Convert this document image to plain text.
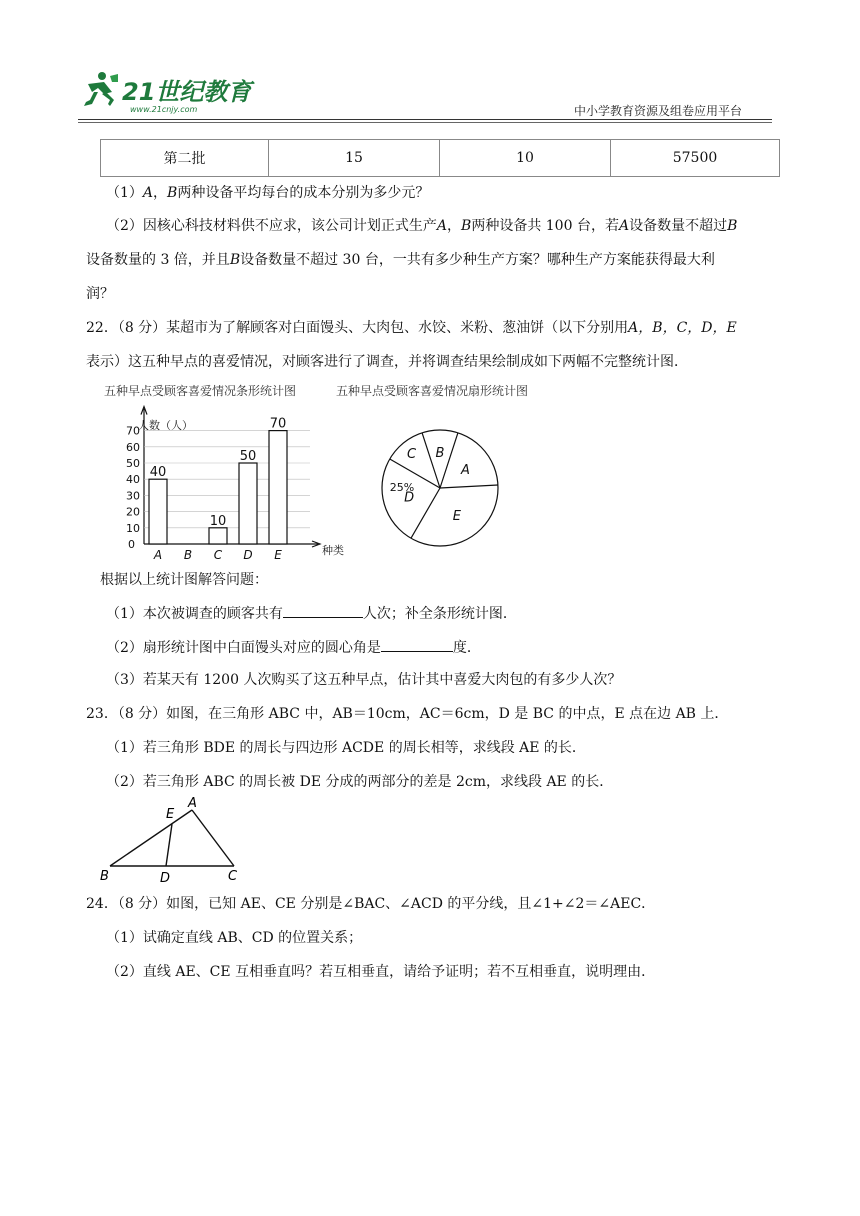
21世纪教育
www.21cnjy.com	中小学教育资源及组卷应用平台
第二批	15	10	57500
（1）A，B两种设备平均每台的成本分别为多少元？
（2）因核心科技材料供不应求，该公司计划正式生产A，B两种设备共 100 台，若A设备数量不超过B
设备数量的 3 倍，并且B设备数量不超过 30 台，一共有多少种生产方案？哪种生产方案能获得最大利
润？
22．（8 分）某超市为了解顾客对白面馒头、大肉包、水饺、米粉、葱油饼（以下分别用A，B，C，D，E
表示）这五种早点的喜爱情况，对顾客进行了调查，并将调查结果绘制成如下两幅不完整统计图．
五种早点受顾客喜爱情况条形统计图
人数（人）
种类
0
10
20
30
40
50
60
70
40
A B
10
C
50
D
70
E
五种早点受顾客喜爱情况扇形统计图
A
B
C
D
E
25%
根据以上统计图解答问题：
（1）本次被调查的顾客共有	人次；补全条形统计图．
（2）扇形统计图中白面馒头对应的圆心角是	度．
（3）若某天有 1200 人次购买了这五种早点，估计其中喜爱大肉包的有多少人次？
23．（8 分）如图，在三角形 ABC 中，AB＝10cm，AC＝6cm，D 是 BC 的中点，E 点在边 AB 上．
（1）若三角形 BDE 的周长与四边形 ACDE 的周长相等，求线段 AE 的长．
（2）若三角形 ABC 的周长被 DE 分成的两部分的差是 2cm，求线段 AE 的长．
A
E
B	D	C
24．（8 分）如图，已知 AE、CE 分别是∠BAC、∠ACD 的平分线，且∠1+∠2＝∠AEC．
（1）试确定直线 AB、CD 的位置关系；
（2）直线 AE、CE 互相垂直吗？若互相垂直，请给予证明；若不互相垂直，说明理由．
